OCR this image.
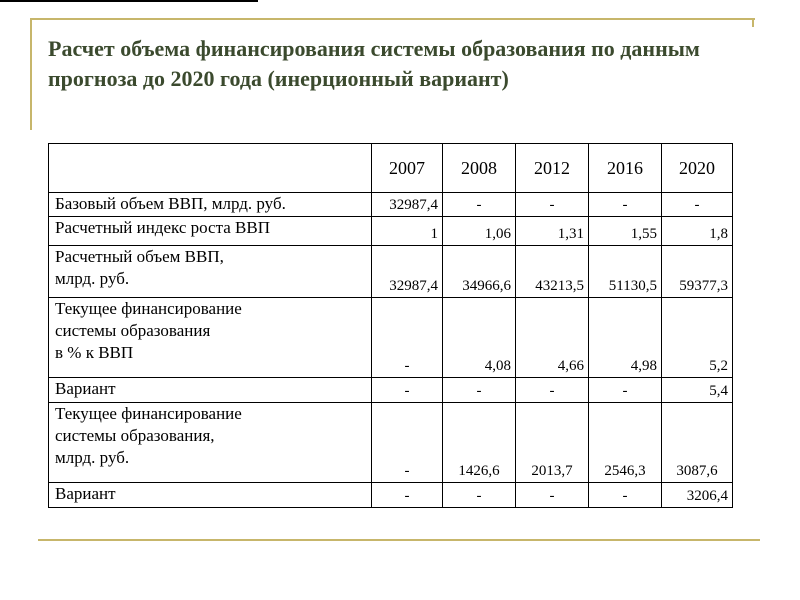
Расчет объема финансирования системы образования по данным прогноза до 2020 года (инерционный вариант)
	2007	2008	2012	2016	2020
Базовый объем ВВП, млрд. руб.	32987,4	-	-	-	-
Расчетный индекс роста ВВП	1	1,06	1,31	1,55	1,8

Расчетный объем ВВП,
млрд. руб.	32987,4	34966,6	43213,5	51130,5	59377,3

Текущее финансирование
системы образования
в % к ВВП	-	4,08	4,66	4,98	5,2
Вариант	-	-	-	-	5,4

Текущее финансирование
системы образования,
млрд. руб.	-	1426,6	2013,7	2546,3	3087,6
Вариант	-	-	-	-	3206,4
